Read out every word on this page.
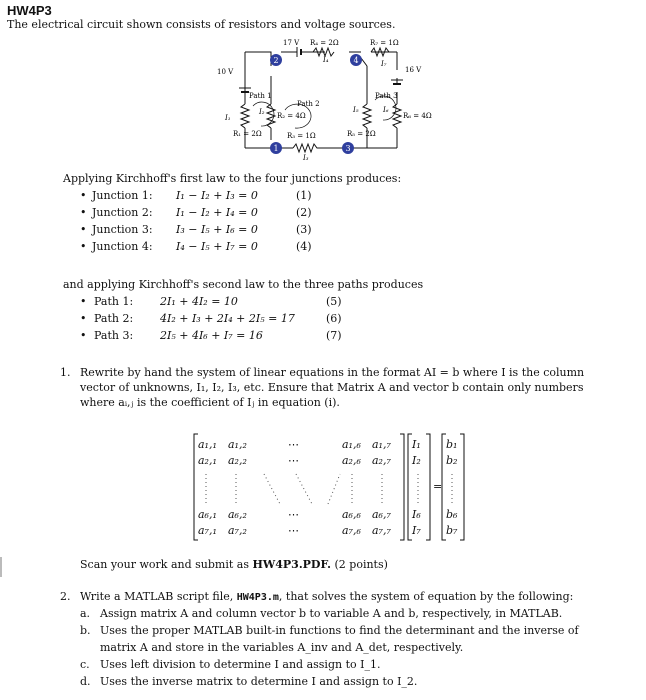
HW4P3
The electrical circuit shown consists of resistors and voltage sources.
2	4
1	3
17 V R₄ = 2Ω	R₇ = 1Ω
10 V	16 V
Path 1
Path 2
Path 3
R₂ = 4Ω	R₆ = 4Ω
R₁ = 2Ω	R₃ = 1Ω	R₅ = 2Ω
I₁
I₂
I₃
I₄
I₅	I₆
I₇
Applying Kirchhoff's first law to the four junctions produces:
• Junction 1: I₁ − I₂ + I₃ = 0	(1)
• Junction 2: I₁ − I₂ + I₄ = 0	(2)
• Junction 3: I₃ − I₅ + I₆ = 0	(3)
• Junction 4: I₄ − I₅ + I₇ = 0	(4)
and applying Kirchhoff's second law to the three paths produces
• Path 1: 2I₁ + 4I₂ = 10	(5)
• Path 2: 4I₂ + I₃ + 2I₄ + 2I₅ = 17	(6)
• Path 3: 2I₅ + 4I₆ + I₇ = 16	(7)
1. Rewrite by hand the system of linear equations in the format AI = b where I is the column
vector of unknowns, I₁, I₂, I₃, etc. Ensure that Matrix A and vector b contain only numbers
where aᵢ,ⱼ is the coefficient of Iⱼ in equation (i).
a₁,₁ a₁,₂	⋯	a₁,₆ a₁,₇
a₂,₁ a₂,₂	⋯	a₂,₆ a₂,₇
a₆,₁ a₆,₂	⋯	a₆,₆ a₆,₇
a₇,₁ a₇,₂	⋯	a₇,₆ a₇,₇
I₁
I₂
I₆
I₇
=
b₁
b₂
b₆
b₇
Scan your work and submit as HW4P3.PDF. (2 points)
2. Write a MATLAB script file, HW4P3.m, that solves the system of equation by the following:
a. Assign matrix A and column vector b to variable A and b, respectively, in MATLAB.
b. Uses the proper MATLAB built-in functions to find the determinant and the inverse of
matrix A and store in the variables A_inv and A_det, respectively.
c. Uses left division to determine I and assign to I_1.
d. Uses the inverse matrix to determine I and assign to I_2.
